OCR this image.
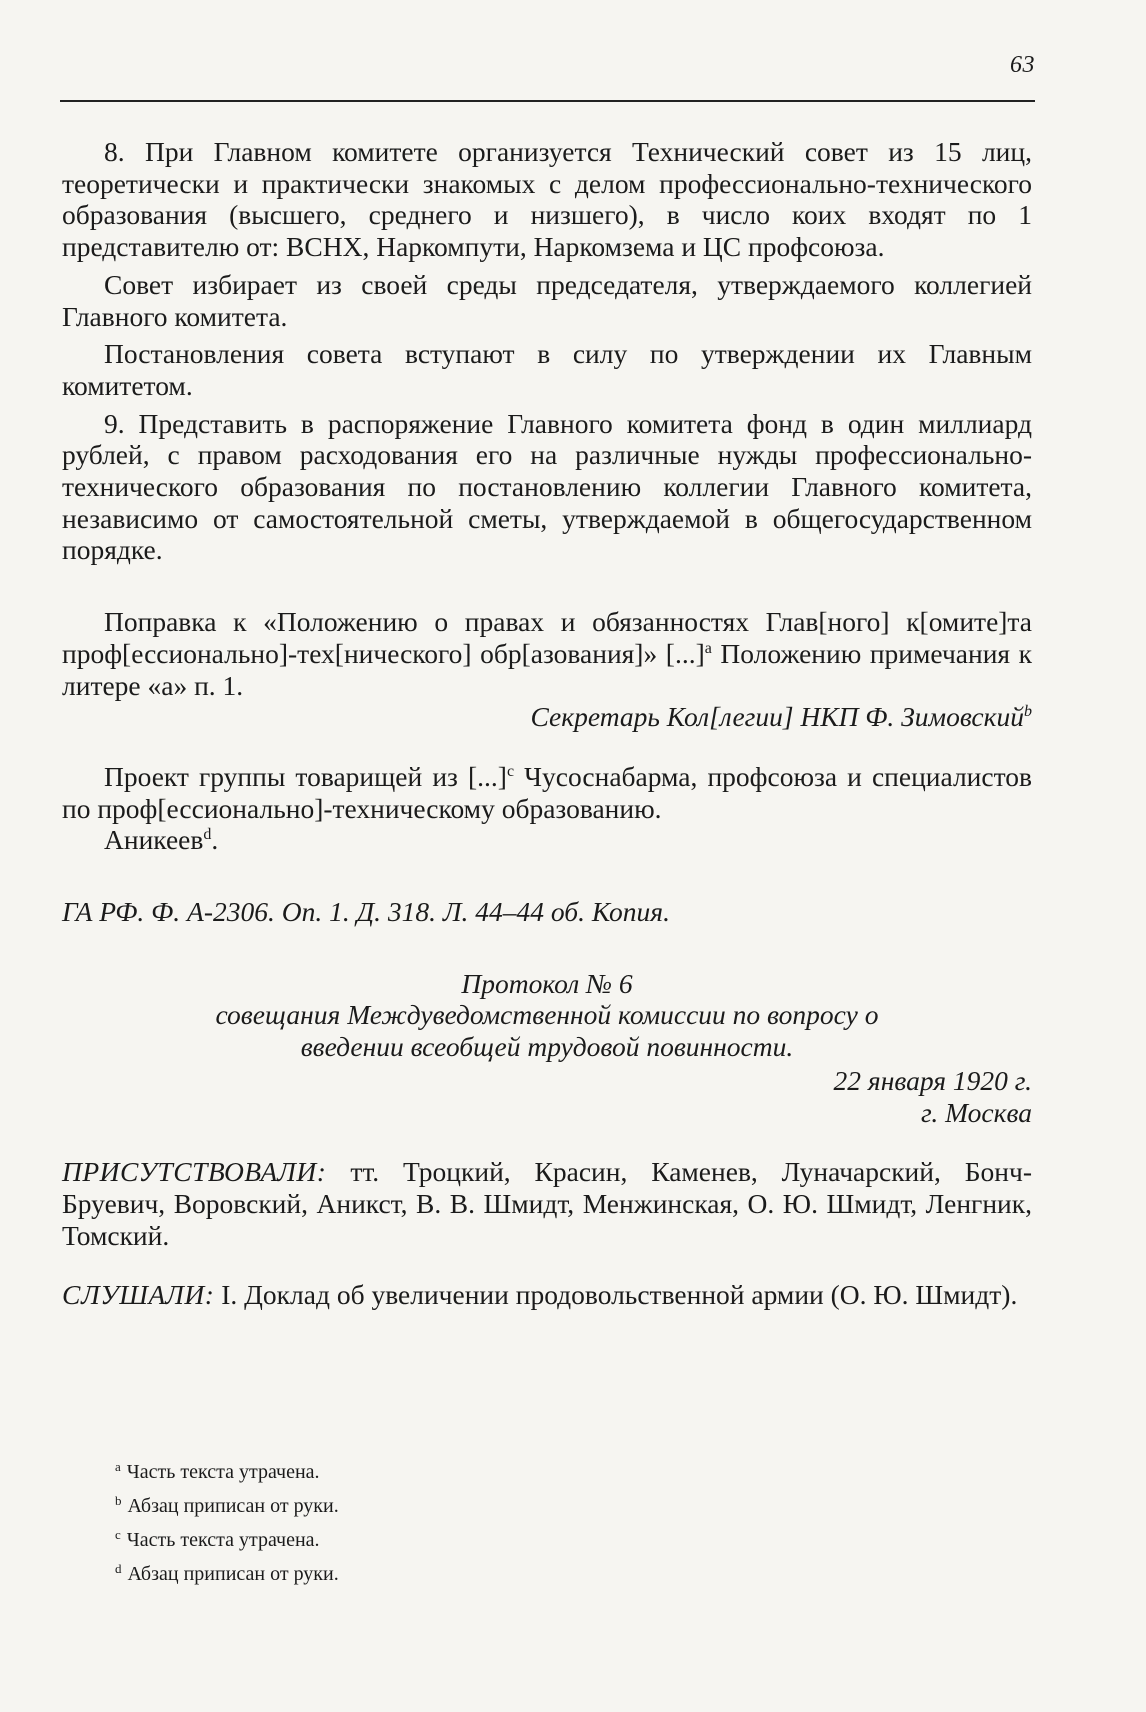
63

8. При Главном комитете организуется Технический совет из 15 лиц, теоретически и практически знакомых с делом профессионально-технического образования (высшего, среднего и низшего), в число коих входят по 1 представителю от: ВСНХ, Наркомпути, Наркомзема и ЦС профсоюза.

Совет избирает из своей среды председателя, утверждаемого коллегией Главного комитета.

Постановления совета вступают в силу по утверждении их Главным комитетом.

9. Представить в распоряжение Главного комитета фонд в один миллиард рублей, с правом расходования его на различные нужды профессионально-технического образования по постановлению коллегии Главного комитета, независимо от самостоятельной сметы, утверждаемой в общегосударственном порядке.

Поправка к «Положению о правах и обязанностях Глав[ного] к[омите]та проф[ессионально]-тех[нического] обр[азования]» [...]$^a$ Положению примечания к литере «а» п. 1.

Секретарь Кол[легии] НКП Ф. Зимовский$^b$

Проект группы товарищей из [...]$^c$ Чусоснабарма, профсоюза и специалистов по проф[ессионально]-техническому образованию.

Аникеев$^d$.

ГА РФ. Ф. А-2306. Оп. 1. Д. 318. Л. 44–44 об. Копия.

Протокол № 6

совещания Междуведомственной комиссии по вопросу о введении всеобщей трудовой повинности.

22 января 1920 г.

г. Москва

ПРИСУТСТВОВАЛИ: тт. Троцкий, Красин, Каменев, Луначарский, Бонч-Бруевич, Воровский, Аникст, В. В. Шмидт, Менжинская, О. Ю. Шмидт, Ленгник, Томский.

СЛУШАЛИ: I. Доклад об увеличении продовольственной армии (О. Ю. Шмидт).

$^a$ Часть текста утрачена.
$^b$ Абзац приписан от руки.
$^c$ Часть текста утрачена.
$^d$ Абзац приписан от руки.
